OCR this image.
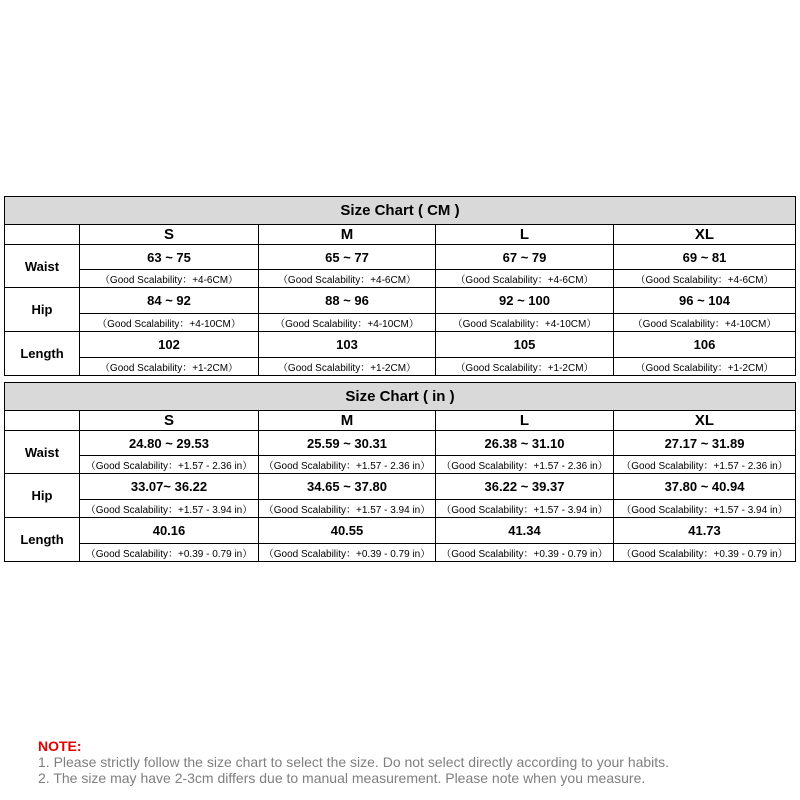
Size Chart ( CM )				
	S	M	L	XL
Waist	63 ~ 75	65 ~ 77	67 ~ 79	69 ~ 81
	（Good Scalability：+4-6CM）	（Good Scalability：+4-6CM）	（Good Scalability：+4-6CM）	（Good Scalability：+4-6CM）
Hip	84 ~ 92	88 ~ 96	92 ~ 100	96 ~ 104
	（Good Scalability：+4-10CM）	（Good Scalability：+4-10CM）	（Good Scalability：+4-10CM）	（Good Scalability：+4-10CM）
Length	102	103	105	106
	（Good Scalability：+1-2CM）	（Good Scalability：+1-2CM）	（Good Scalability：+1-2CM）	（Good Scalability：+1-2CM）
Size Chart ( in )				
	S	M	L	XL
Waist	24.80 ~ 29.53	25.59 ~ 30.31	26.38 ~ 31.10	27.17 ~ 31.89
	（Good Scalability：+1.57 - 2.36 in）	（Good Scalability：+1.57 - 2.36 in）	（Good Scalability：+1.57 - 2.36 in）	（Good Scalability：+1.57 - 2.36 in）
Hip	33.07~ 36.22	34.65 ~ 37.80	36.22 ~ 39.37	37.80 ~ 40.94
	（Good Scalability：+1.57 - 3.94 in）	（Good Scalability：+1.57 - 3.94 in）	（Good Scalability：+1.57 - 3.94 in）	（Good Scalability：+1.57 - 3.94 in）
Length	40.16	40.55	41.34	41.73
	（Good Scalability：+0.39 - 0.79 in）	（Good Scalability：+0.39 - 0.79 in）	（Good Scalability：+0.39 - 0.79 in）	（Good Scalability：+0.39 - 0.79 in）
NOTE:
1. Please strictly follow the size chart to select the size. Do not select directly according to your habits.
2. The size may have 2-3cm differs due to manual measurement. Please note when you measure.
